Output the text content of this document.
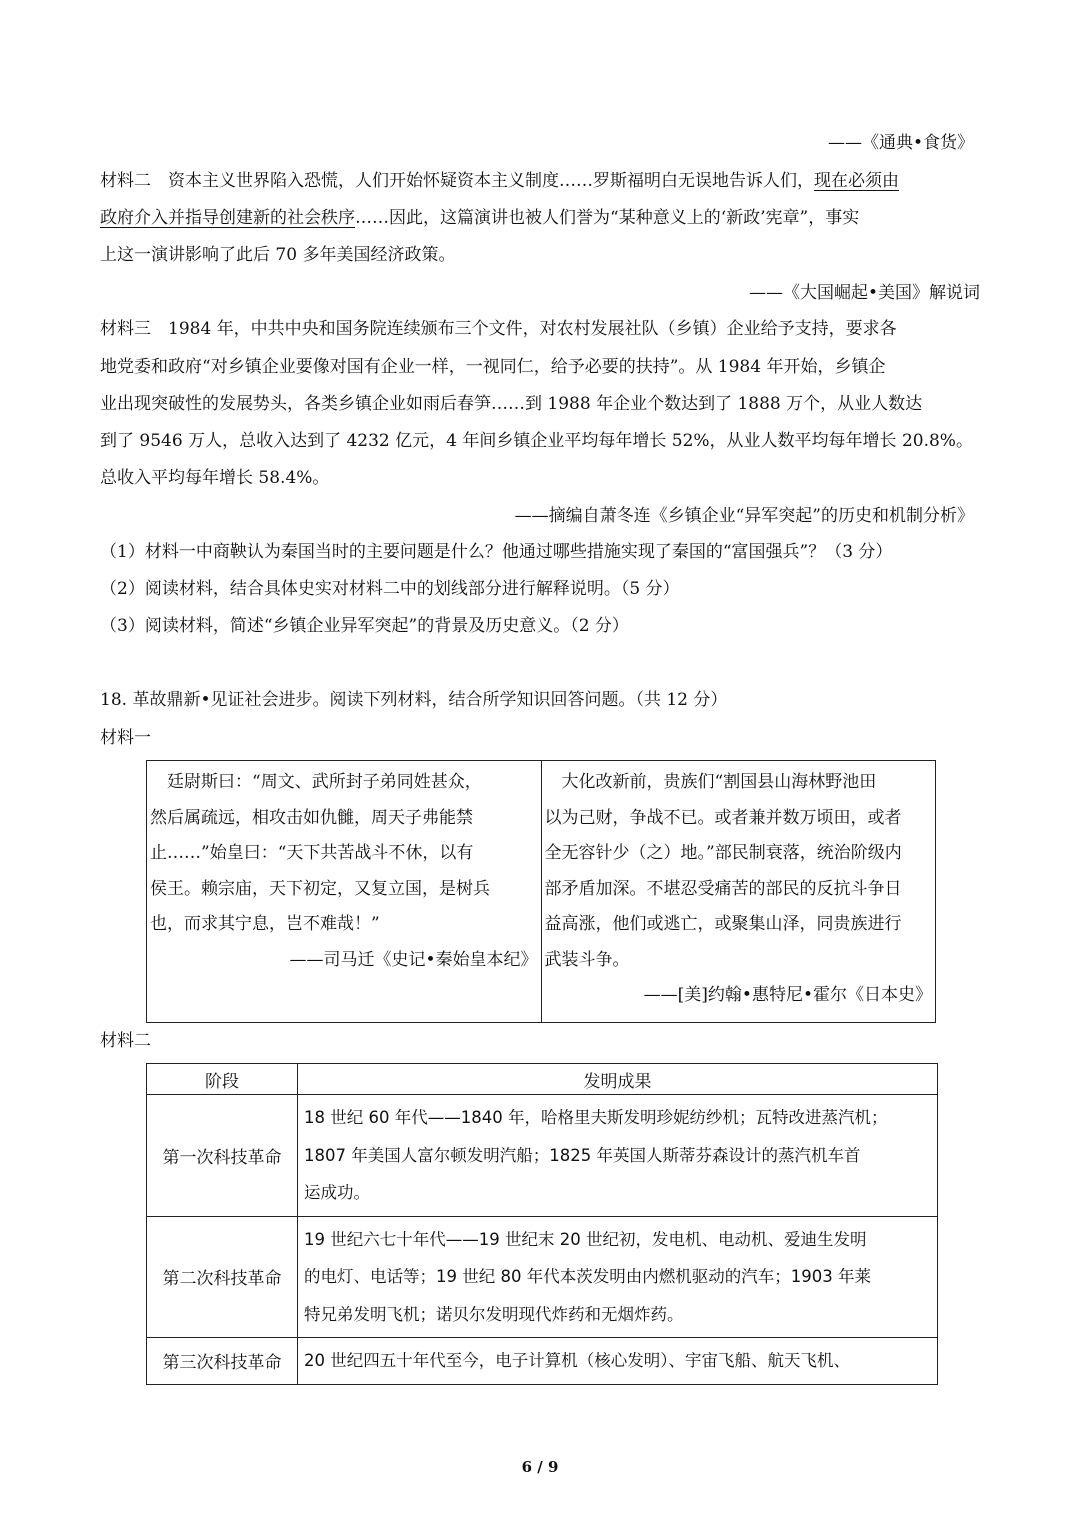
——《通典•食货》
材料二　资本主义世界陷入恐慌，人们开始怀疑资本主义制度……罗斯福明白无误地告诉人们，现在必须由
政府介入并指导创建新的社会秩序……因此，这篇演讲也被人们誉为“某种意义上的‘新政’宪章”，事实
上这一演讲影响了此后 70 多年美国经济政策。
——《大国崛起•美国》解说词
材料三　1984 年，中共中央和国务院连续颁布三个文件，对农村发展社队（乡镇）企业给予支持，要求各
地党委和政府“对乡镇企业要像对国有企业一样，一视同仁，给予必要的扶持”。从 1984 年开始，乡镇企
业出现突破性的发展势头，各类乡镇企业如雨后春笋……到 1988 年企业个数达到了 1888 万个，从业人数达
到了 9546 万人，总收入达到了 4232 亿元，4 年间乡镇企业平均每年增长 52%，从业人数平均每年增长 20.8%。
总收入平均每年增长 58.4%。
——摘编自萧冬连《乡镇企业“异军突起”的历史和机制分析》
（1）材料一中商鞅认为秦国当时的主要问题是什么？他通过哪些措施实现了秦国的“富国强兵”？（3 分）
（2）阅读材料，结合具体史实对材料二中的划线部分进行解释说明。（5 分）
（3）阅读材料，简述“乡镇企业异军突起”的背景及历史意义。（2 分）
18. 革故鼎新•见证社会进步。阅读下列材料，结合所学知识回答问题。（共 12 分）
材料一
　廷尉斯曰：“周文、武所封子弟同姓甚众，
然后属疏远，相攻击如仇雠，周天子弗能禁
止……”始皇曰：“天下共苦战斗不休，以有
侯王。赖宗庙，天下初定，又复立国，是树兵
也，而求其宁息，岂不难哉！”
——司马迁《史记•秦始皇本纪》

　大化改新前，贵族们“割国县山海林野池田
以为己财，争战不已。或者兼并数万顷田，或者
全无容针少（之）地。”部民制衰落，统治阶级内
部矛盾加深。不堪忍受痛苦的部民的反抗斗争日
益高涨，他们或逃亡，或聚集山泽，同贵族进行
武装斗争。
——[美]约翰•惠特尼•霍尔《日本史》
材料二
阶段	发明成果
第一次科技革命	18 世纪 60 年代——1840 年，哈格里夫斯发明珍妮纺纱机；瓦特改进蒸汽机；
1807 年美国人富尔顿发明汽船；1825 年英国人斯蒂芬森设计的蒸汽机车首
运成功。

第二次科技革命	19 世纪六七十年代——19 世纪末 20 世纪初，发电机、电动机、爱迪生发明
的电灯、电话等；19 世纪 80 年代本茨发明由内燃机驱动的汽车；1903 年莱
特兄弟发明飞机；诺贝尔发明现代炸药和无烟炸药。

第三次科技革命	20 世纪四五十年代至今，电子计算机（核心发明）、宇宙飞船、航天飞机、
6 / 9
